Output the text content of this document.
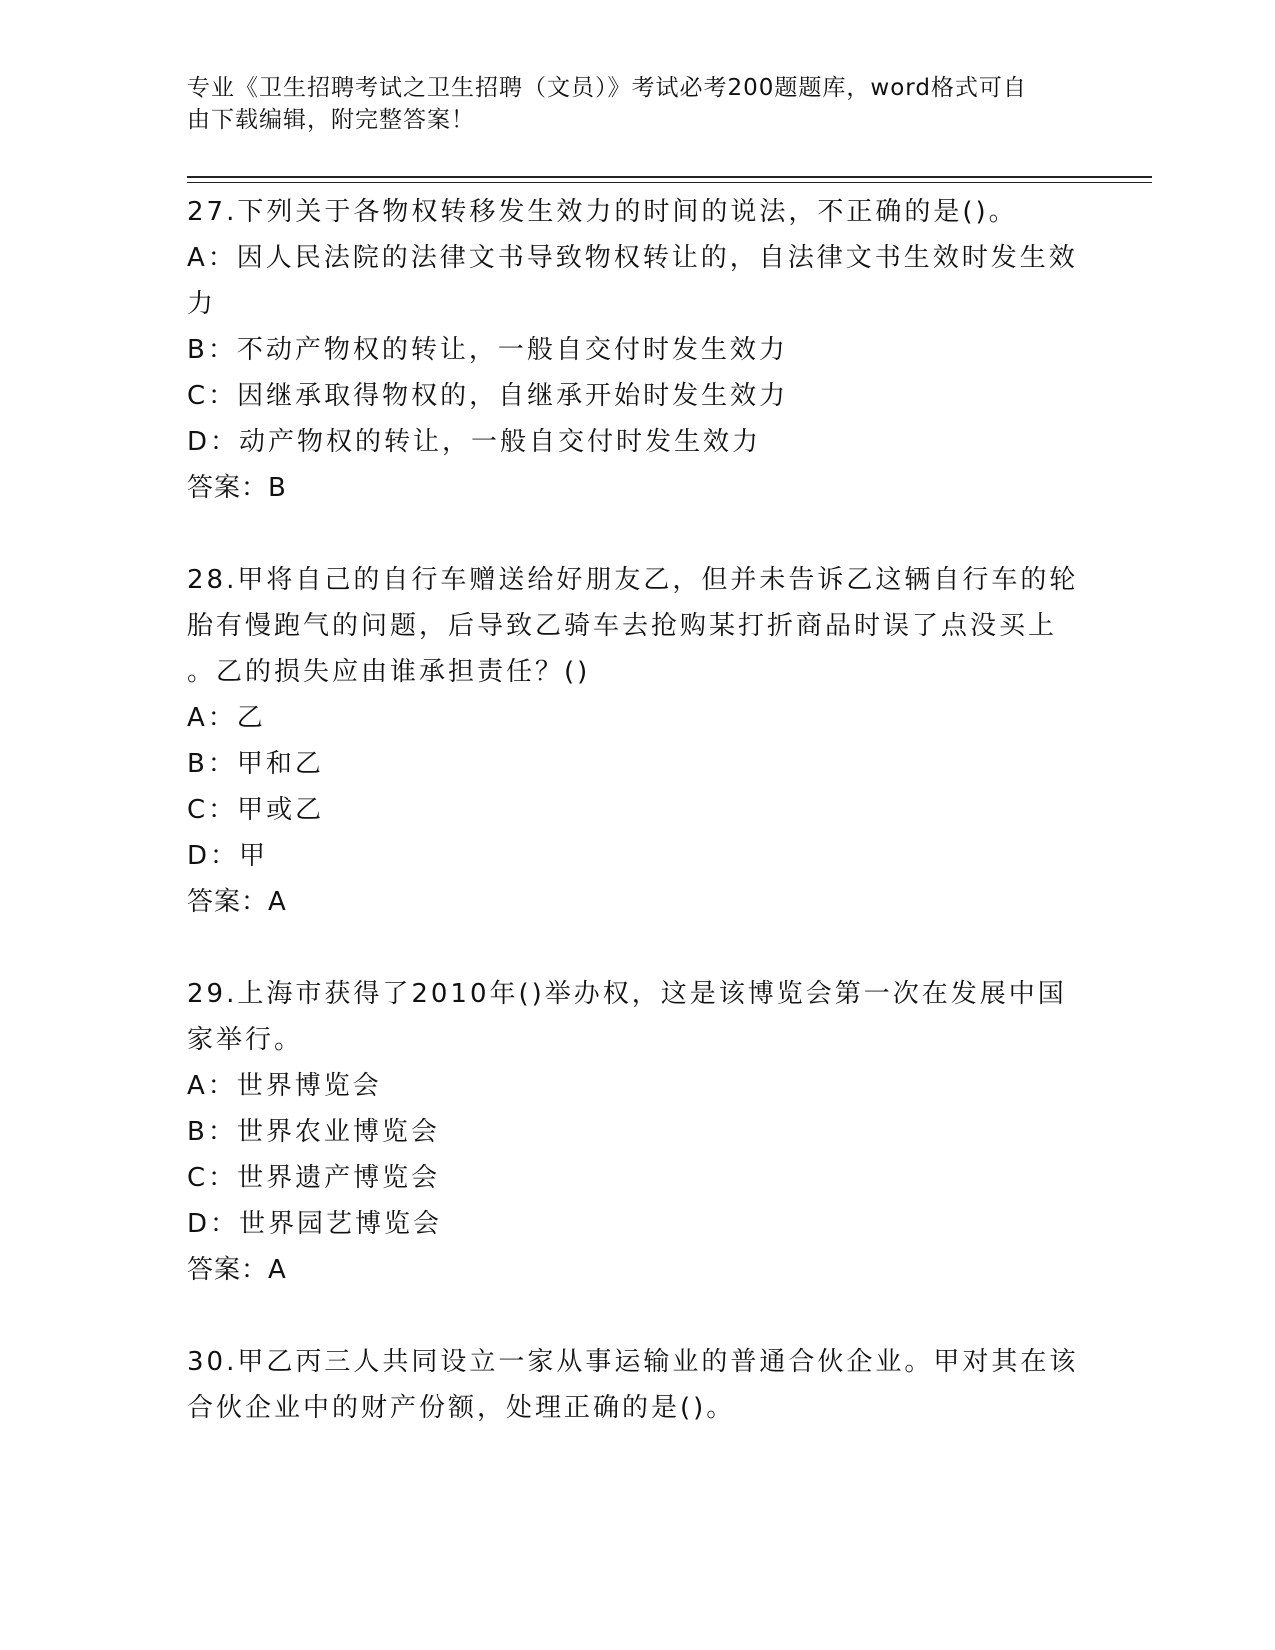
专业《卫生招聘考试之卫生招聘（文员）》考试必考200题题库，word格式可自
由下载编辑，附完整答案！

27.下列关于各物权转移发生效力的时间的说法，不正确的是()。

A：因人民法院的法律文书导致物权转让的，自法律文书生效时发生效
力

B：不动产物权的转让，一般自交付时发生效力

C：因继承取得物权的，自继承开始时发生效力

D：动产物权的转让，一般自交付时发生效力

答案：B

28.甲将自己的自行车赠送给好朋友乙，但并未告诉乙这辆自行车的轮
胎有慢跑气的问题，后导致乙骑车去抢购某打折商品时误了点没买上
。乙的损失应由谁承担责任？()

A：乙

B：甲和乙

C：甲或乙

D：甲

答案：A

29.上海市获得了2010年()举办权，这是该博览会第一次在发展中国
家举行。

A：世界博览会

B：世界农业博览会

C：世界遗产博览会

D：世界园艺博览会

答案：A

30.甲乙丙三人共同设立一家从事运输业的普通合伙企业。甲对其在该
合伙企业中的财产份额，处理正确的是()。
